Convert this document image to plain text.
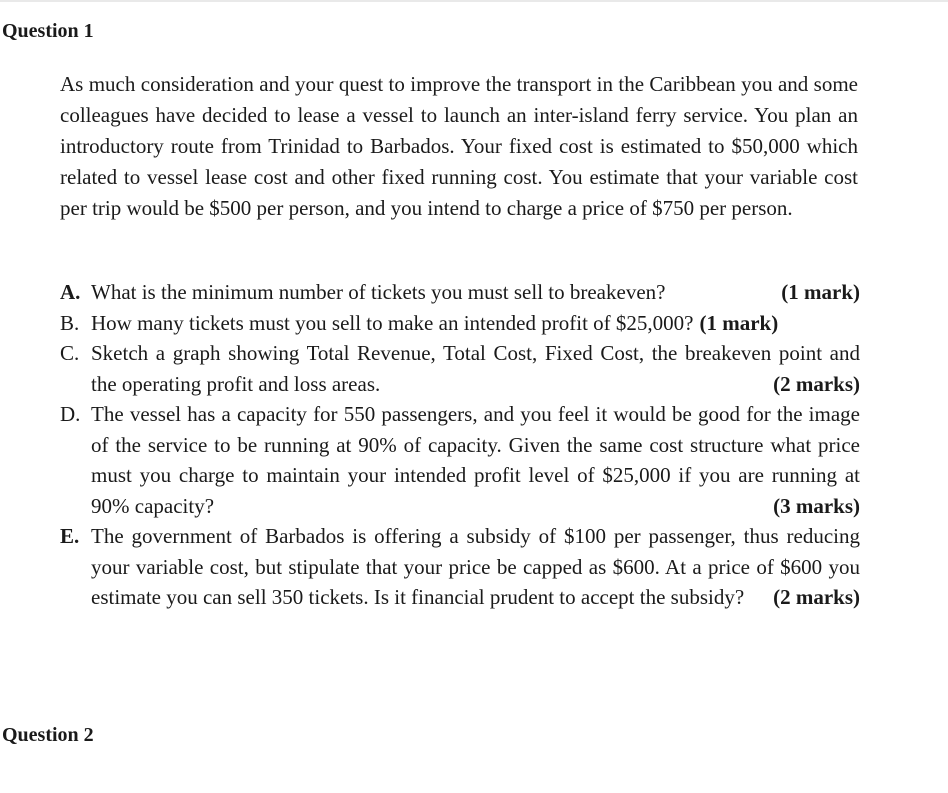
Question 1

As much consideration and your quest to improve the transport in the Caribbean you and some colleagues have decided to lease a vessel to launch an inter-island ferry service. You plan an introductory route from Trinidad to Barbados. Your fixed cost is estimated to $50,000 which related to vessel lease cost and other fixed running cost. You estimate that your variable cost per trip would be $500 per person, and you intend to charge a price of $750 per person.

A.	(1 mark)
What is the minimum number of tickets you must sell to breakeven?
B. How many tickets must you sell to make an intended profit of $25,000? (1 mark)
C. Sketch a graph showing Total Revenue, Total Cost, Fixed Cost, the breakeven point and the operating profit and loss areas.	(2 marks)
D. The vessel has a capacity for 550 passengers, and you feel it would be good for the image of the service to be running at 90% of capacity. Given the same cost structure what price must you charge to maintain your intended profit level of $25,000 if you are running at 90% capacity?	(3 marks)
E. The government of Barbados is offering a subsidy of $100 per passenger, thus reducing your variable cost, but stipulate that your price be capped as $600. At a price of $600 you estimate you can sell 350 tickets. Is it financial prudent to accept the subsidy?	(2 marks)
Question 2
